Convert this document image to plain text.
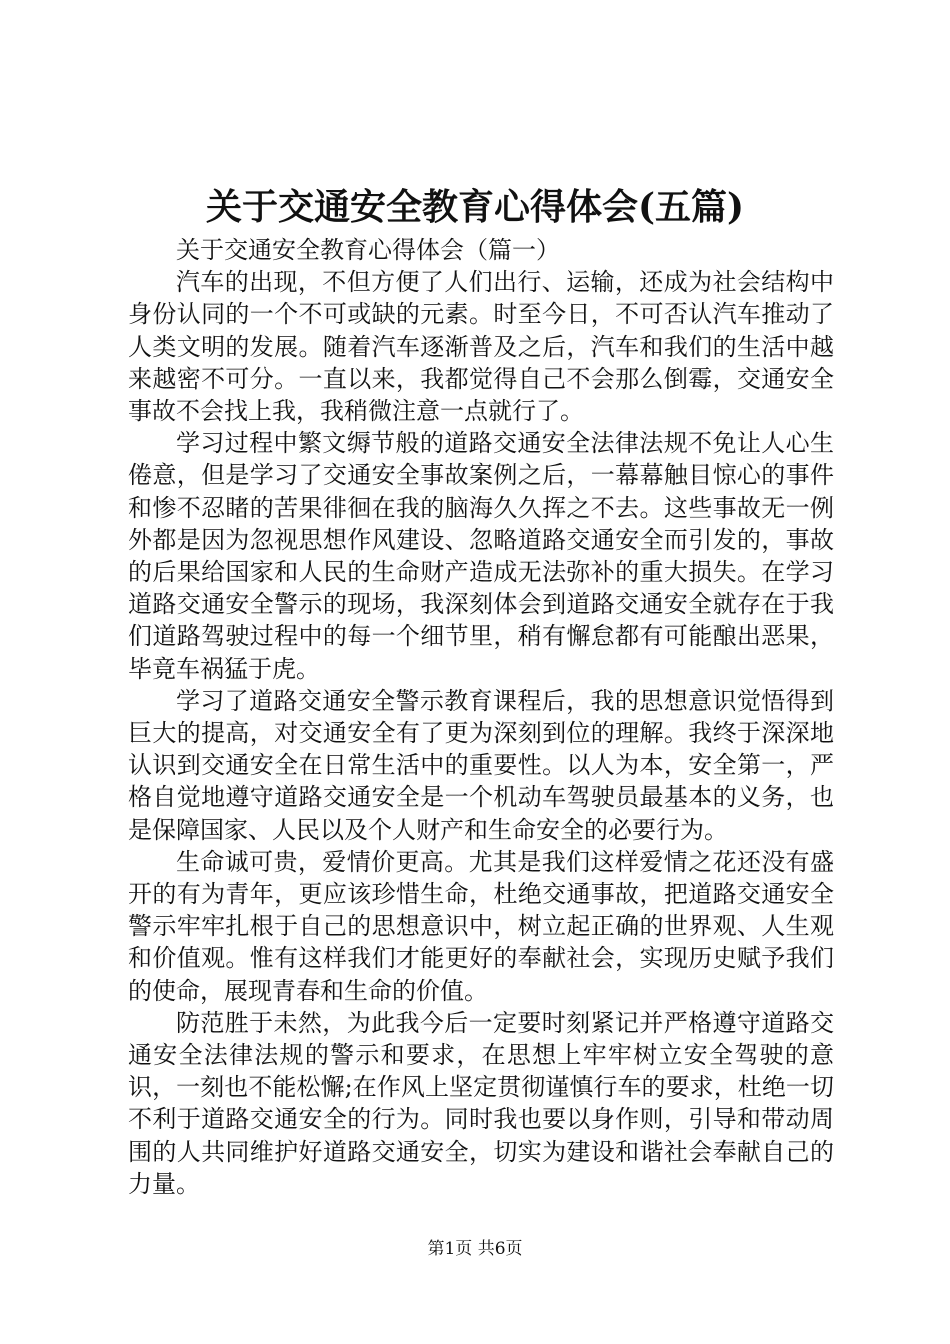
关于交通安全教育心得体会(五篇)

关于交通安全教育心得体会（篇一）

汽车的出现，不但方便了人们出行、运输，还成为社会结构中身份认同的一个不可或缺的元素。时至今日，不可否认汽车推动了人类文明的发展。随着汽车逐渐普及之后，汽车和我们的生活中越来越密不可分。一直以来，我都觉得自己不会那么倒霉，交通安全事故不会找上我，我稍微注意一点就行了。

学习过程中繁文缛节般的道路交通安全法律法规不免让人心生倦意，但是学习了交通安全事故案例之后，一幕幕触目惊心的事件和惨不忍睹的苦果徘徊在我的脑海久久挥之不去。这些事故无一例外都是因为忽视思想作风建设、忽略道路交通安全而引发的，事故的后果给国家和人民的生命财产造成无法弥补的重大损失。在学习道路交通安全警示的现场，我深刻体会到道路交通安全就存在于我们道路驾驶过程中的每一个细节里，稍有懈怠都有可能酿出恶果，毕竟车祸猛于虎。

学习了道路交通安全警示教育课程后，我的思想意识觉悟得到巨大的提高，对交通安全有了更为深刻到位的理解。我终于深深地认识到交通安全在日常生活中的重要性。以人为本，安全第一，严格自觉地遵守道路交通安全是一个机动车驾驶员最基本的义务，也是保障国家、人民以及个人财产和生命安全的必要行为。

生命诚可贵，爱情价更高。尤其是我们这样爱情之花还没有盛开的有为青年，更应该珍惜生命，杜绝交通事故，把道路交通安全警示牢牢扎根于自己的思想意识中，树立起正确的世界观、人生观和价值观。惟有这样我们才能更好的奉献社会，实现历史赋予我们的使命，展现青春和生命的价值。

防范胜于未然，为此我今后一定要时刻紧记并严格遵守道路交通安全法律法规的警示和要求，在思想上牢牢树立安全驾驶的意识，一刻也不能松懈;在作风上坚定贯彻谨慎行车的要求，杜绝一切不利于道路交通安全的行为。同时我也要以身作则，引导和带动周围的人共同维护好道路交通安全，切实为建设和谐社会奉献自己的力量。

第1页 共6页
